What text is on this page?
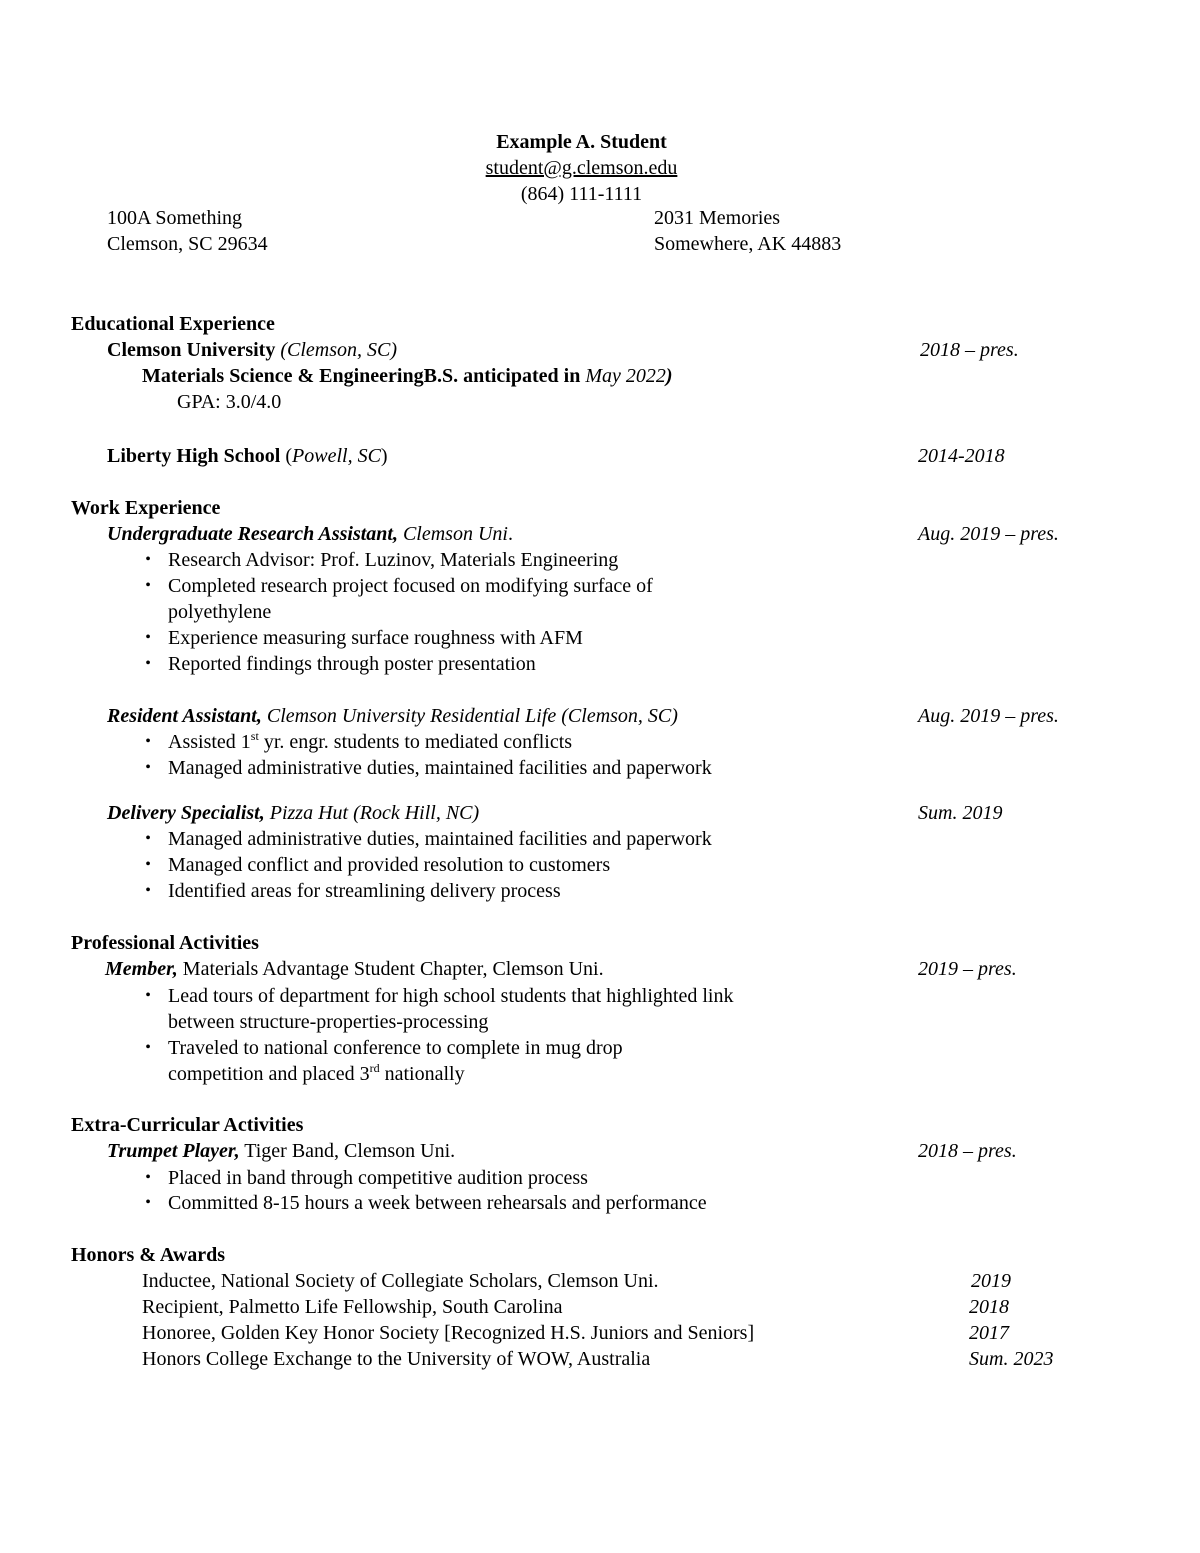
Example A. Student
student@g.clemson.edu
(864) 111-1111
100A Something
Clemson, SC 29634
2031 Memories
Somewhere, AK 44883
Educational Experience
Clemson University (Clemson, SC)	2018 – pres.
Materials Science & EngineeringB.S. anticipated in May 2022)
GPA: 3.0/4.0
Liberty High School (Powell, SC)	2014-2018
Work Experience
Undergraduate Research Assistant, Clemson Uni.	Aug. 2019 – pres.
• Research Advisor: Prof. Luzinov, Materials Engineering
• Completed research project focused on modifying surface of
polyethylene
• Experience measuring surface roughness with AFM
• Reported findings through poster presentation
Resident Assistant, Clemson University Residential Life (Clemson, SC)	Aug. 2019 – pres.
• Assisted 1st yr. engr. students to mediated conflicts
• Managed administrative duties, maintained facilities and paperwork
Delivery Specialist, Pizza Hut (Rock Hill, NC)	Sum. 2019
• Managed administrative duties, maintained facilities and paperwork
• Managed conflict and provided resolution to customers
• Identified areas for streamlining delivery process
Professional Activities
Member, Materials Advantage Student Chapter, Clemson Uni.	2019 – pres.
• Lead tours of department for high school students that highlighted link
between structure-properties-processing
• Traveled to national conference to complete in mug drop
competition and placed 3rd nationally
Extra-Curricular Activities
Trumpet Player, Tiger Band, Clemson Uni.	2018 – pres.
• Placed in band through competitive audition process
• Committed 8-15 hours a week between rehearsals and performance
Honors & Awards
Inductee, National Society of Collegiate Scholars, Clemson Uni.	2019
Recipient, Palmetto Life Fellowship, South Carolina	2018
Honoree, Golden Key Honor Society [Recognized H.S. Juniors and Seniors]	2017
Honors College Exchange to the University of WOW, Australia	Sum. 2023
